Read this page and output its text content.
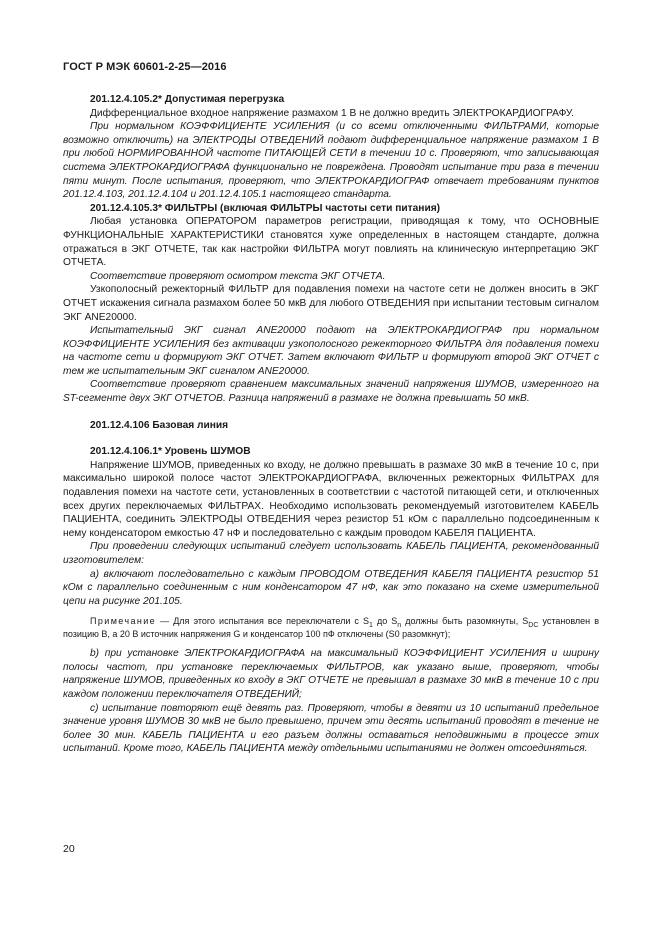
ГОСТ Р МЭК 60601-2-25—2016

201.12.4.105.2* Допустимая перегрузка

Дифференциальное входное напряжение размахом 1 В не должно вредить ЭЛЕКТРОКАРДИОГРАФУ.

При нормальном КОЭФФИЦИЕНТЕ УСИЛЕНИЯ (и со всеми отключенными ФИЛЬТРАМИ, которые возможно отключить) на ЭЛЕКТРОДЫ ОТВЕДЕНИЙ подают дифференциальное напряжение размахом 1 В при любой НОРМИРОВАННОЙ частоте ПИТАЮЩЕЙ СЕТИ в течении 10 с. Проверяют, что записывающая система ЭЛЕКТРОКАРДИОГРАФА функционально не повреждена. Проводят испытание три раза в течении пяти минут. После испытания, проверяют, что ЭЛЕКТРОКАРДИОГРАФ отвечает требованиям пунктов 201.12.4.103, 201.12.4.104 и 201.12.4.105.1 настоящего стандарта.

201.12.4.105.3* ФИЛЬТРЫ (включая ФИЛЬТРЫ частоты сети питания)

Любая установка ОПЕРАТОРОМ параметров регистрации, приводящая к тому, что ОСНОВНЫЕ ФУНКЦИОНАЛЬНЫЕ ХАРАКТЕРИСТИКИ становятся хуже определенных в настоящем стандарте, должна отражаться в ЭКГ ОТЧЕТЕ, так как настройки ФИЛЬТРА могут повлиять на клиническую интерпретацию ЭКГ ОТЧЕТА.

Соответствие проверяют осмотром текста ЭКГ ОТЧЕТА.

Узкополосный режекторный ФИЛЬТР для подавления помехи на частоте сети не должен вносить в ЭКГ ОТЧЕТ искажения сигнала размахом более 50 мкВ для любого ОТВЕДЕНИЯ при испытании тестовым сигналом ЭКГ ANE20000.

Испытательный ЭКГ сигнал ANE20000 подают на ЭЛЕКТРОКАРДИОГРАФ при нормальном КОЭФФИЦИЕНТЕ УСИЛЕНИЯ без активации узкополосного режекторного ФИЛЬТРА для подавления помехи на частоте сети и формируют ЭКГ ОТЧЕТ. Затем включают ФИЛЬТР и формируют второй ЭКГ ОТЧЕТ с тем же испытательным ЭКГ сигналом ANE20000.

Соответствие проверяют сравнением максимальных значений напряжения ШУМОВ, измеренного на ST-сегменте двух ЭКГ ОТЧЕТОВ. Разница напряжений в размахе не должна превышать 50 мкВ.

201.12.4.106 Базовая линия

201.12.4.106.1* Уровень ШУМОВ

Напряжение ШУМОВ, приведенных ко входу, не должно превышать в размахе 30 мкВ в течение 10 с, при максимально широкой полосе частот ЭЛЕКТРОКАРДИОГРАФА, включенных режекторных ФИЛЬТРАХ для подавления помехи на частоте сети, установленных в соответствии с частотой питающей сети, и отключенных всех других переключаемых ФИЛЬТРАХ. Необходимо использовать рекомендуемый изготовителем КАБЕЛЬ ПАЦИЕНТА, соединить ЭЛЕКТРОДЫ ОТВЕДЕНИЯ через резистор 51 кОм с параллельно подсоединенным к нему конденсатором емкостью 47 нФ и последовательно с каждым проводом КАБЕЛЯ ПАЦИЕНТА.

При проведении следующих испытаний следует использовать КАБЕЛЬ ПАЦИЕНТА, рекомендованный изготовителем:

а) включают последовательно с каждым ПРОВОДОМ ОТВЕДЕНИЯ КАБЕЛЯ ПАЦИЕНТА резистор 51 кОм с параллельно соединенным с ним конденсатором 47 нФ, как это показано на схеме измерительной цепи на рисунке 201.105.

Примечание — Для этого испытания все переключатели с $S_1$ до $S_n$ должны быть разомкнуты, $S_{DC}$ установлен в позицию B, а 20 В источник напряжения G и конденсатор 100 пФ отключены (S0 разомкнут);

b) при установке ЭЛЕКТРОКАРДИОГРАФА на максимальный КОЭФФИЦИЕНТ УСИЛЕНИЯ и ширину полосы частот, при установке переключаемых ФИЛЬТРОВ, как указано выше, проверяют, чтобы напряжение ШУМОВ, приведенных ко входу в ЭКГ ОТЧЕТЕ не превышал в размахе 30 мкВ в течение 10 с при каждом положении переключателя ОТВЕДЕНИЙ;

с) испытание повторяют ещё девять раз. Проверяют, чтобы в девяти из 10 испытаний предельное значение уровня ШУМОВ 30 мкВ не было превышено, причем эти десять испытаний проводят в течение не более 30 мин. КАБЕЛЬ ПАЦИЕНТА и его разъем должны оставаться неподвижными в процессе этих испытаний. Кроме того, КАБЕЛЬ ПАЦИЕНТА между отдельными испытаниями не должен отсоединяться.

20
